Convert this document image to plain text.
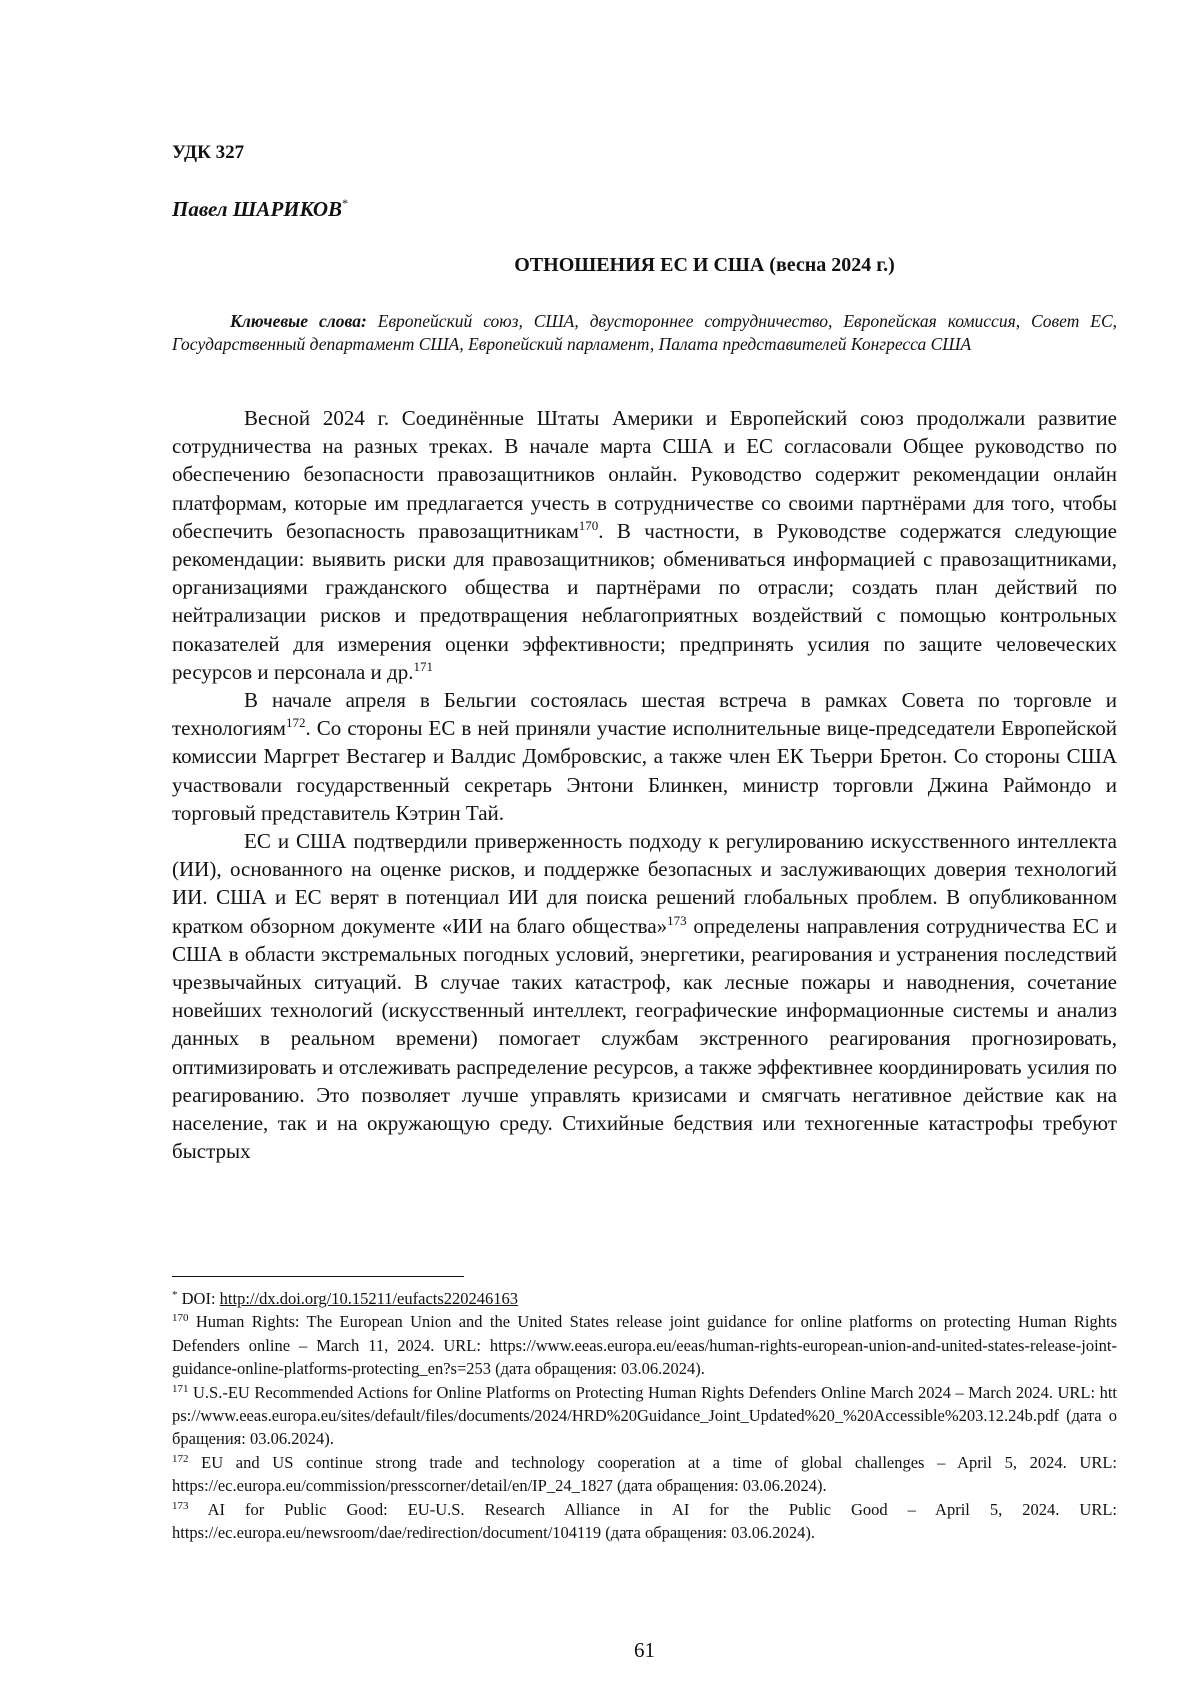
УДК 327
Павел ШАРИКОВ*
ОТНОШЕНИЯ ЕС И США (весна 2024 г.)
Ключевые слова: Европейский союз, США, двустороннее сотрудничество, Европейская комиссия, Совет ЕС, Государственный департамент США, Европейский парламент, Палата представителей Конгресса США

Весной 2024 г. Соединённые Штаты Америки и Европейский союз продолжали развитие сотрудничества на разных треках. В начале марта США и ЕС согласовали Общее руководство по обеспечению безопасности правозащитников онлайн. Руководство содержит рекомендации онлайн платформам, которые им предлагается учесть в сотрудничестве со своими партнёрами для того, чтобы обеспечить безопасность правозащитникам$^{170}$. В частности, в Руководстве содержатся следующие рекомендации: выявить риски для правозащитников; обмениваться информацией с правозащитниками, организациями гражданского общества и партнёрами по отрасли; создать план действий по нейтрализации рисков и предотвращения неблагоприятных воздействий с помощью контрольных показателей для измерения оценки эффективности; предпринять усилия по защите человеческих ресурсов и персонала и др.$^{171}$

В начале апреля в Бельгии состоялась шестая встреча в рамках Совета по торговле и технологиям$^{172}$. Со стороны ЕС в ней приняли участие исполнительные вице-председатели Европейской комиссии Маргрет Вестагер и Валдис Домбровскис, а также член ЕК Тьерри Бретон. Со стороны США участвовали государственный секретарь Энтони Блинкен, министр торговли Джина Раймондо и торговый представитель Кэтрин Тай.

ЕС и США подтвердили приверженность подходу к регулированию искусственного интеллекта (ИИ), основанного на оценке рисков, и поддержке безопасных и заслуживающих доверия технологий ИИ. США и ЕС верят в потенциал ИИ для поиска решений глобальных проблем. В опубликованном кратком обзорном документе «ИИ на благо общества»$^{173}$ определены направления сотрудничества ЕС и США в области экстремальных погодных условий, энергетики, реагирования и устранения последствий чрезвычайных ситуаций. В случае таких катастроф, как лесные пожары и наводнения, сочетание новейших технологий (искусственный интеллект, географические информационные системы и анализ данных в реальном времени) помогает службам экстренного реагирования прогнозировать, оптимизировать и отслеживать распределение ресурсов, а также эффективнее координировать усилия по реагированию. Это позволяет лучше управлять кризисами и смягчать негативное действие как на население, так и на окружающую среду. Стихийные бедствия или техногенные катастрофы требуют быстрых

* DOI: http://dx.doi.org/10.15211/eufacts220246163

$^{170}$ Human Rights: The European Union and the United States release joint guidance for online platforms on protecting Human Rights Defenders online – March 11, 2024. URL: https://www.eeas.europa.eu/eeas/human-rights-european-union-and-united-states-release-joint-guidance-online-platforms-protecting_en?s=253 (дата обращения: 03.06.2024).

$^{171}$ U.S.-EU Recommended Actions for Online Platforms on Protecting Human Rights Defenders Online March 2024 – March 2024. URL: https://www.eeas.europa.eu/sites/default/files/documents/2024/HRD%20Guidance_Joint_Updated%20_%20Accessible%203.12.24b.pdf (дата обращения: 03.06.2024).

$^{172}$ EU and US continue strong trade and technology cooperation at a time of global challenges – April 5, 2024. URL: https://ec.europa.eu/commission/presscorner/detail/en/IP_24_1827 (дата обращения: 03.06.2024).

$^{173}$ AI for Public Good: EU-U.S. Research Alliance in AI for the Public Good – April 5, 2024. URL: https://ec.europa.eu/newsroom/dae/redirection/document/104119 (дата обращения: 03.06.2024).

61
